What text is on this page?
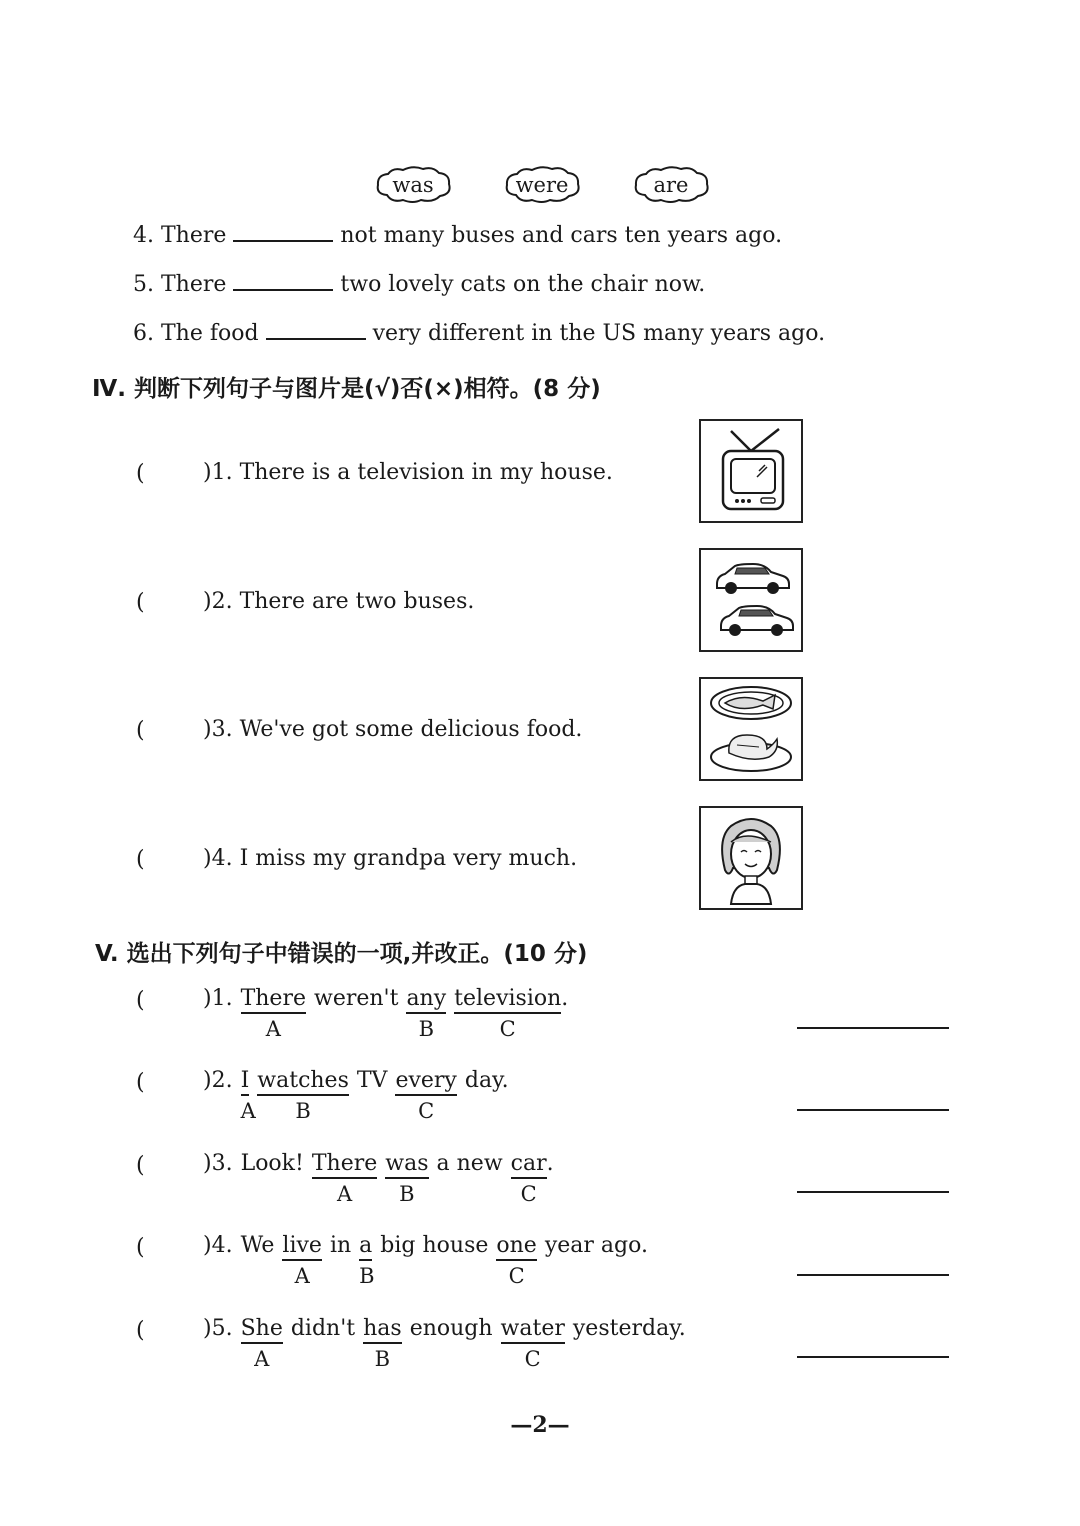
was	were	are
4. There	not many buses and cars ten years ago.
5. There	two lovely cats on the chair now.
6. The food	very different in the US many years ago.
Ⅳ. 判断下列句子与图片是(√)否(×)相符。(8 分)
(	)1. There is a television in my house.
(	)2. There are two buses.
(	)3. We've got some delicious food.
(	)4. I miss my grandpa very much.
V. 选出下列句子中错误的一项,并改正。(10 分)
(	)1. There
A
weren't any
B
television
C
.
(	)2. I
A
watches
B
TV every
C
day.
(	)3. Look! There
A
was
B
a new car
C
.
(	)4. We live
A
in a
B
big house one
C
year ago.
(	)5. She
A
didn't has
B
enough water
C
yesterday.
—2—
